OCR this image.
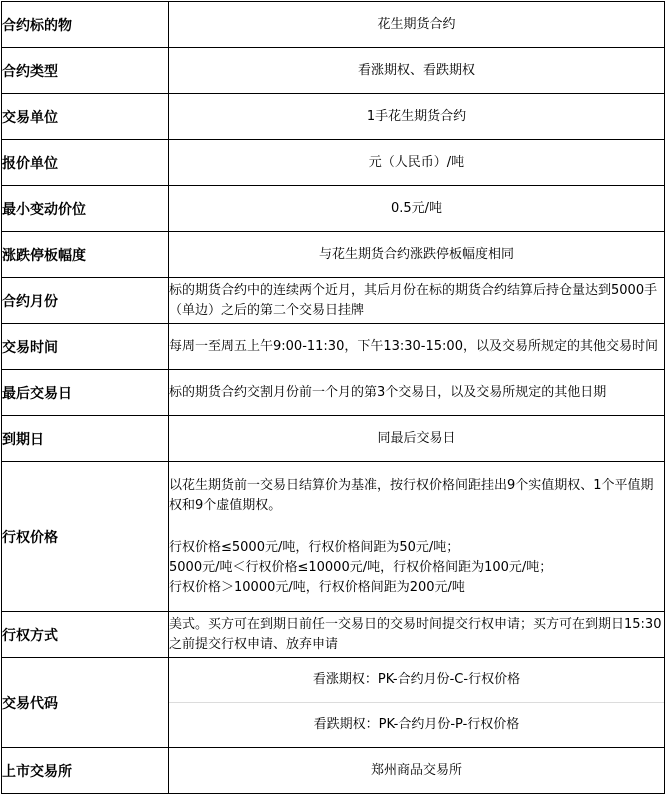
合约标的物	花生期货合约
合约类型	看涨期权、看跌期权
交易单位	1手花生期货合约
报价单位	元（人民币）/吨
最小变动价位	0.5元/吨
涨跌停板幅度	与花生期货合约涨跌停板幅度相同
合约月份	标的期货合约中的连续两个近月，其后月份在标的期货合约结算后持仓量达到5000手（单边）之后的第二个交易日挂牌
交易时间	每周一至周五上午9:00-11:30，下午13:30-15:00，以及交易所规定的其他交易时间
最后交易日	标的期货合约交割月份前一个月的第3个交易日，以及交易所规定的其他日期
到期日	同最后交易日
行权价格	以花生期货前一交易日结算价为基准，按行权价格间距挂出9个实值期权、1个平值期权和9个虚值期权。
行权价格≤5000元/吨，行权价格间距为50元/吨；
5000元/吨＜行权价格≤10000元/吨，行权价格间距为100元/吨；
行权价格＞10000元/吨，行权价格间距为200元/吨

行权方式	美式。买方可在到期日前任一交易日的交易时间提交行权申请；买方可在到期日15:30之前提交行权申请、放弃申请
交易代码	看涨期权：PK-合约月份-C-行权价格
看跌期权：PK-合约月份-P-行权价格

上市交易所	郑州商品交易所
